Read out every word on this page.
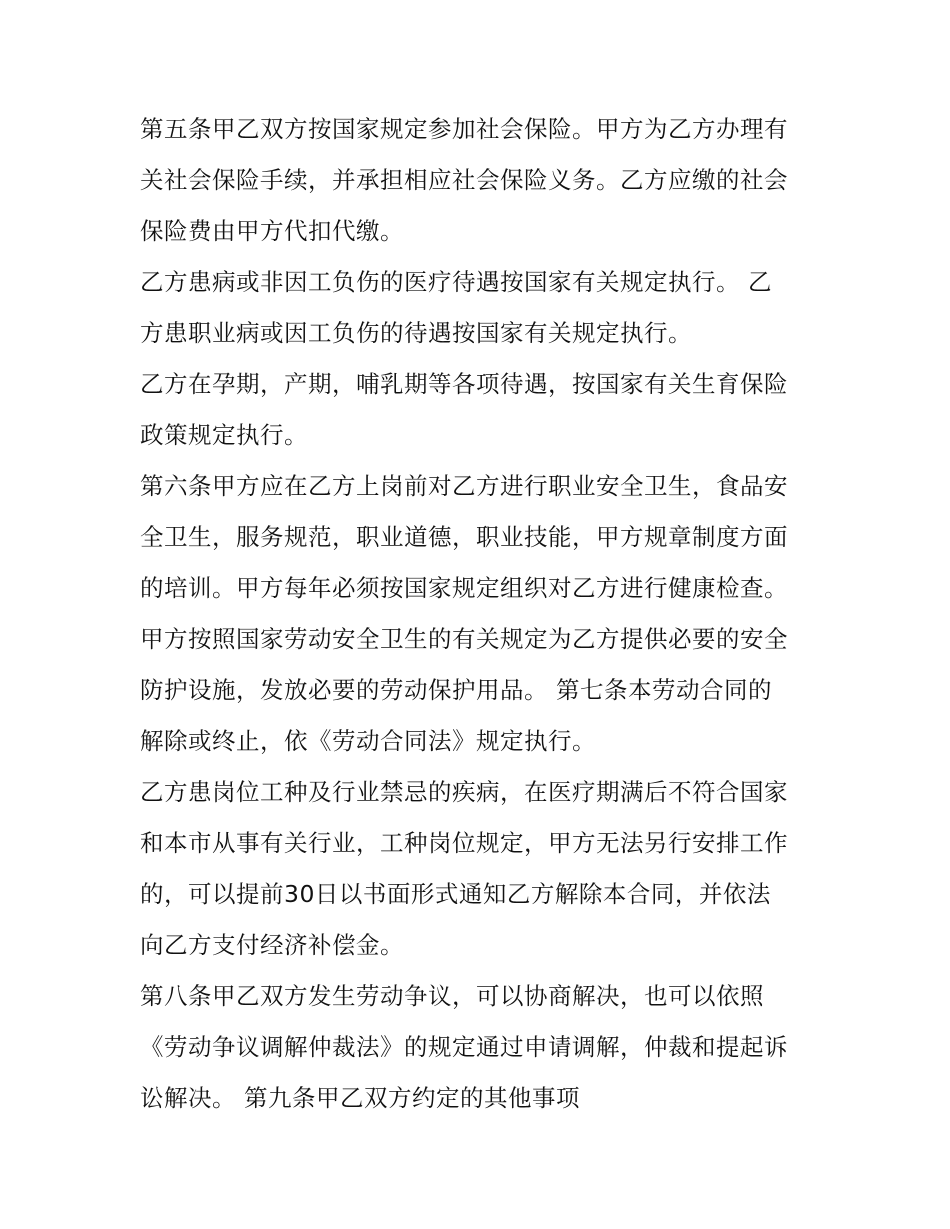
第五条甲乙双方按国家规定参加社会保险。甲方为乙方办理有
关社会保险手续，并承担相应社会保险义务。乙方应缴的社会
保险费由甲方代扣代缴。
乙方患病或非因工负伤的医疗待遇按国家有关规定执行。 乙
方患职业病或因工负伤的待遇按国家有关规定执行。
乙方在孕期，产期，哺乳期等各项待遇，按国家有关生育保险
政策规定执行。
第六条甲方应在乙方上岗前对乙方进行职业安全卫生，食品安
全卫生，服务规范，职业道德，职业技能，甲方规章制度方面
的培训。甲方每年必须按国家规定组织对乙方进行健康检查。
甲方按照国家劳动安全卫生的有关规定为乙方提供必要的安全
防护设施，发放必要的劳动保护用品。 第七条本劳动合同的
解除或终止，依《劳动合同法》规定执行。
乙方患岗位工种及行业禁忌的疾病，在医疗期满后不符合国家
和本市从事有关行业，工种岗位规定，甲方无法另行安排工作
的，可以提前30日以书面形式通知乙方解除本合同，并依法
向乙方支付经济补偿金。
第八条甲乙双方发生劳动争议，可以协商解决，也可以依照
《劳动争议调解仲裁法》的规定通过申请调解，仲裁和提起诉
讼解决。 第九条甲乙双方约定的其他事项
